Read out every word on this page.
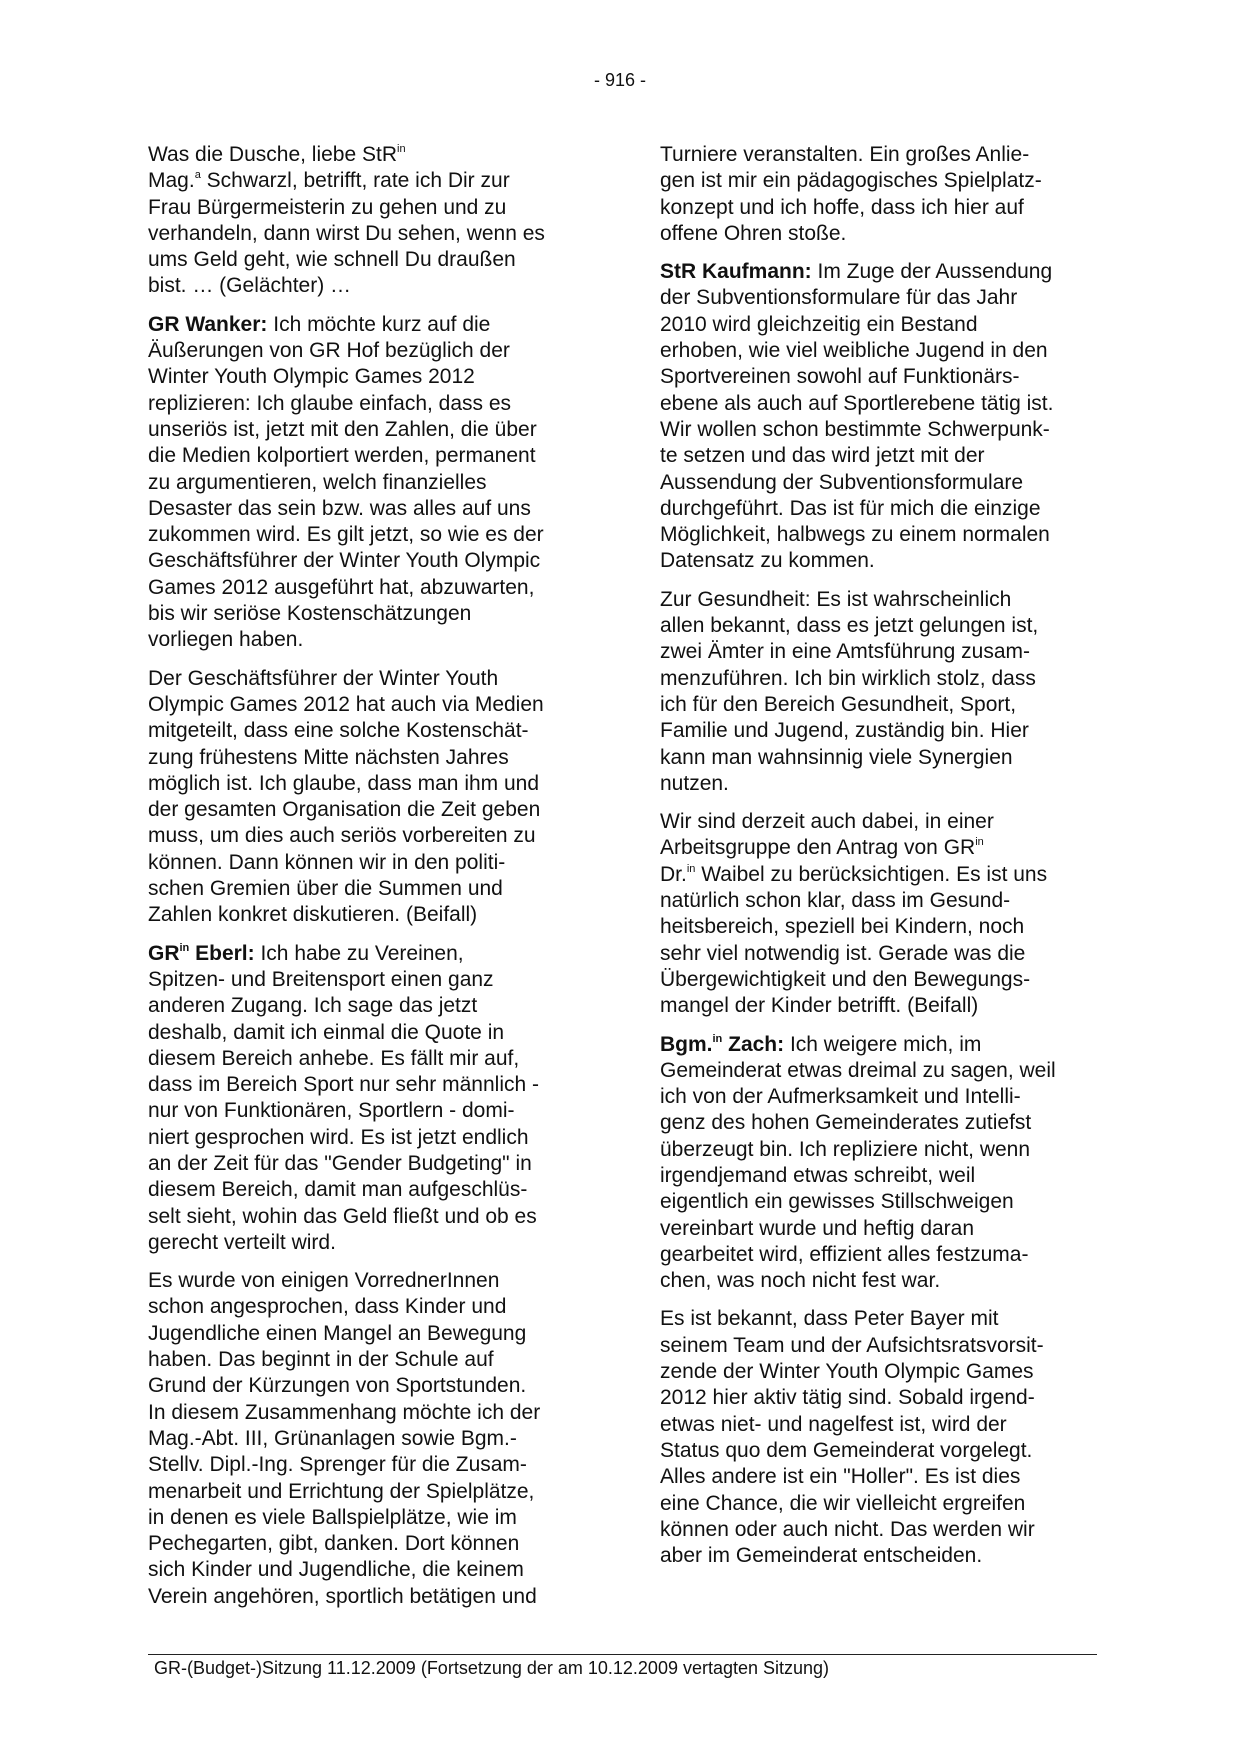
- 916 -

Was die Dusche, liebe StR$^{in}$
Mag.$^a$ Schwarzl, betrifft, rate ich Dir zur
Frau Bürgermeisterin zu gehen und zu
verhandeln, dann wirst Du sehen, wenn es
ums Geld geht, wie schnell Du draußen
bist. … (Gelächter) …

GR Wanker: Ich möchte kurz auf die
Äußerungen von GR Hof bezüglich der
Winter Youth Olympic Games 2012
replizieren: Ich glaube einfach, dass es
unseriös ist, jetzt mit den Zahlen, die über
die Medien kolportiert werden, permanent
zu argumentieren, welch finanzielles
Desaster das sein bzw. was alles auf uns
zukommen wird. Es gilt jetzt, so wie es der
Geschäftsführer der Winter Youth Olympic
Games 2012 ausgeführt hat, abzuwarten,
bis wir seriöse Kostenschätzungen
vorliegen haben.

Der Geschäftsführer der Winter Youth
Olympic Games 2012 hat auch via Medien
mitgeteilt, dass eine solche Kostenschät-
zung frühestens Mitte nächsten Jahres
möglich ist. Ich glaube, dass man ihm und
der gesamten Organisation die Zeit geben
muss, um dies auch seriös vorbereiten zu
können. Dann können wir in den politi-
schen Gremien über die Summen und
Zahlen konkret diskutieren. (Beifall)

$GR^{in}$ Eberl: Ich habe zu Vereinen,
Spitzen- und Breitensport einen ganz
anderen Zugang. Ich sage das jetzt
deshalb, damit ich einmal die Quote in
diesem Bereich anhebe. Es fällt mir auf,
dass im Bereich Sport nur sehr männlich -
nur von Funktionären, Sportlern - domi-
niert gesprochen wird. Es ist jetzt endlich
an der Zeit für das "Gender Budgeting" in
diesem Bereich, damit man aufgeschlüs-
selt sieht, wohin das Geld fließt und ob es
gerecht verteilt wird.

Es wurde von einigen VorrednerInnen
schon angesprochen, dass Kinder und
Jugendliche einen Mangel an Bewegung
haben. Das beginnt in der Schule auf
Grund der Kürzungen von Sportstunden.
In diesem Zusammenhang möchte ich der
Mag.-Abt. III, Grünanlagen sowie Bgm.-
Stellv. Dipl.-Ing. Sprenger für die Zusam-
menarbeit und Errichtung der Spielplätze,
in denen es viele Ballspielplätze, wie im
Pechegarten, gibt, danken. Dort können
sich Kinder und Jugendliche, die keinem
Verein angehören, sportlich betätigen und

Turniere veranstalten. Ein großes Anlie-
gen ist mir ein pädagogisches Spielplatz-
konzept und ich hoffe, dass ich hier auf
offene Ohren stoße.

StR Kaufmann: Im Zuge der Aussendung
der Subventionsformulare für das Jahr
2010 wird gleichzeitig ein Bestand
erhoben, wie viel weibliche Jugend in den
Sportvereinen sowohl auf Funktionärs-
ebene als auch auf Sportlerebene tätig ist.
Wir wollen schon bestimmte Schwerpunk-
te setzen und das wird jetzt mit der
Aussendung der Subventionsformulare
durchgeführt. Das ist für mich die einzige
Möglichkeit, halbwegs zu einem normalen
Datensatz zu kommen.

Zur Gesundheit: Es ist wahrscheinlich
allen bekannt, dass es jetzt gelungen ist,
zwei Ämter in eine Amtsführung zusam-
menzuführen. Ich bin wirklich stolz, dass
ich für den Bereich Gesundheit, Sport,
Familie und Jugend, zuständig bin. Hier
kann man wahnsinnig viele Synergien
nutzen.

Wir sind derzeit auch dabei, in einer
Arbeitsgruppe den Antrag von $GR^{in}$
Dr.$^{in}$ Waibel zu berücksichtigen. Es ist uns
natürlich schon klar, dass im Gesund-
heitsbereich, speziell bei Kindern, noch
sehr viel notwendig ist. Gerade was die
Übergewichtigkeit und den Bewegungs-
mangel der Kinder betrifft. (Beifall)

Bgm.$^{in}$ Zach: Ich weigere mich, im
Gemeinderat etwas dreimal zu sagen, weil
ich von der Aufmerksamkeit und Intelli-
genz des hohen Gemeinderates zutiefst
überzeugt bin. Ich repliziere nicht, wenn
irgendjemand etwas schreibt, weil
eigentlich ein gewisses Stillschweigen
vereinbart wurde und heftig daran
gearbeitet wird, effizient alles festzuma-
chen, was noch nicht fest war.

Es ist bekannt, dass Peter Bayer mit
seinem Team und der Aufsichtsratsvorsit-
zende der Winter Youth Olympic Games
2012 hier aktiv tätig sind. Sobald irgend-
etwas niet- und nagelfest ist, wird der
Status quo dem Gemeinderat vorgelegt.
Alles andere ist ein "Holler". Es ist dies
eine Chance, die wir vielleicht ergreifen
können oder auch nicht. Das werden wir
aber im Gemeinderat entscheiden.

GR-(Budget-)Sitzung 11.12.2009 (Fortsetzung der am 10.12.2009 vertagten Sitzung)
